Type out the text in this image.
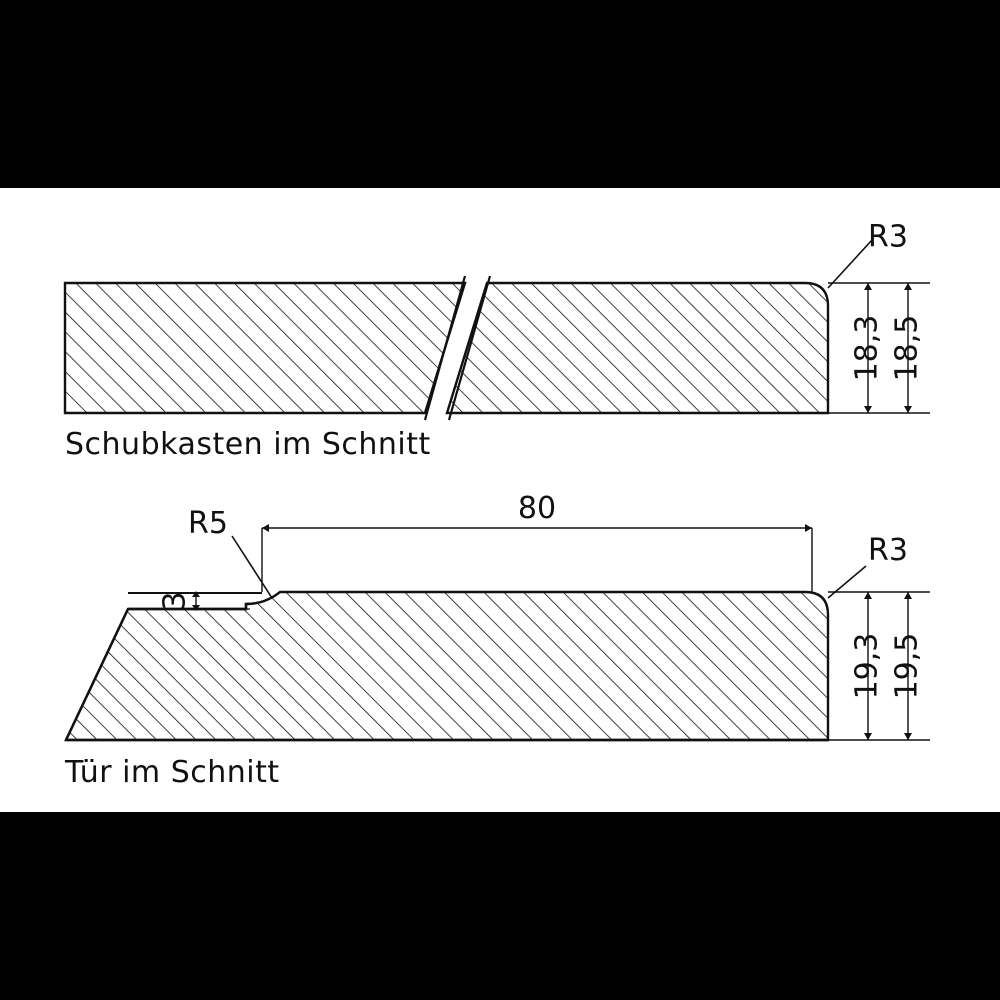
R3
18,3 18,5
80
R5
R3
3
19,3 19,5
Schubkasten im Schnitt
Tür im Schnitt
